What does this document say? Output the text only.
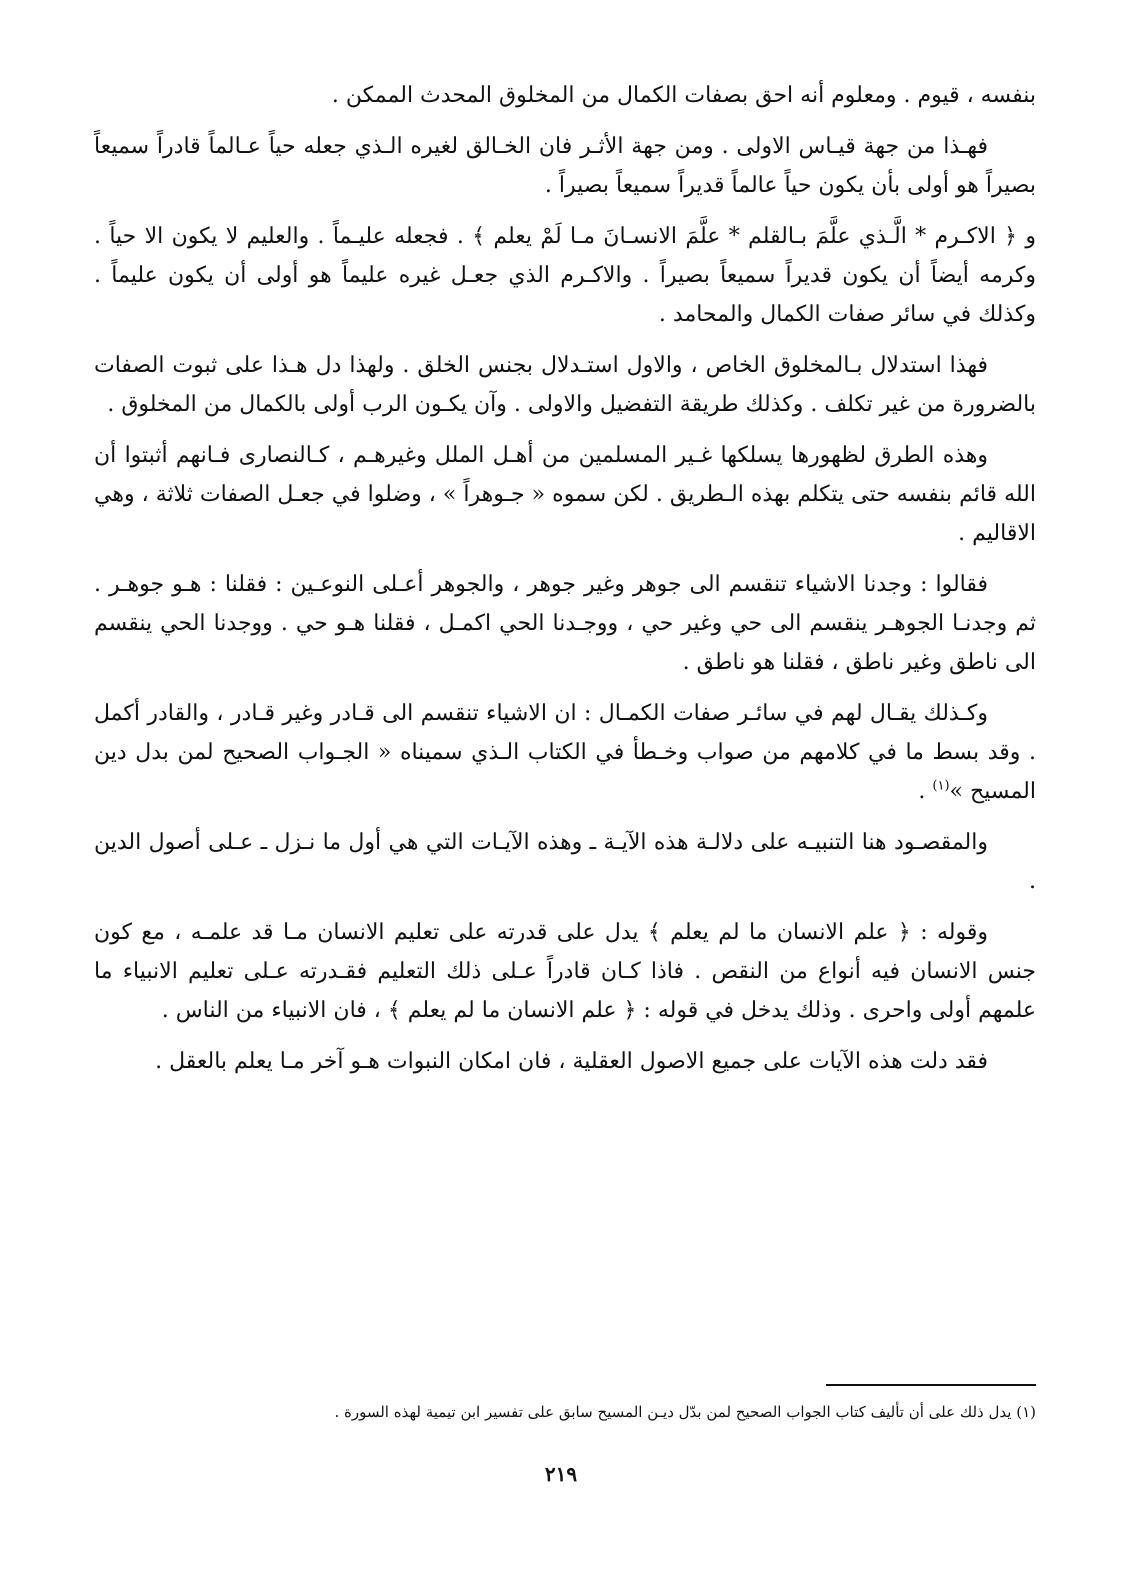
بنفسه ، قيوم . ومعلوم أنه احق بصفات الكمال من المخلوق المحدث الممكن .

فهـذا من جهة قيـاس الاولى . ومن جهة الأثـر فان الخـالق لغيره الـذي جعله حياً عـالماً قادراً سميعاً بصيراً هو أولى بأن يكون حياً عالماً قديراً سميعاً بصيراً .

و ﴿ الاكـرم * الَّـذي علَّمَ بـالقلم * علَّمَ الانسـانَ مـا لَمْ يعلم ﴾ . فجعله عليـماً . والعليم لا يكون الا حياً . وكرمه أيضاً أن يكون قديراً سميعاً بصيراً . والاكـرم الذي جعـل غيره عليماً هو أولى أن يكون عليماً . وكذلك في سائر صفات الكمال والمحامد .

فهذا استدلال بـالمخلوق الخاص ، والاول استـدلال بجنس الخلق . ولهذا دل هـذا على ثبوت الصفات بالضرورة من غير تكلف . وكذلك طريقة التفضيل والاولى . وآن يكـون الرب أولى بالكمال من المخلوق .

وهذه الطرق لظهورها يسلكها غـير المسلمين من أهـل الملل وغيرهـم ، كـالنصارى فـانهم أثبتوا أن الله قائم بنفسه حتى يتكلم بهذه الـطريق . لكن سموه « جـوهراً » ، وضلوا في جعـل الصفات ثلاثة ، وهي الاقاليم .

فقالوا : وجدنا الاشياء تنقسم الى جوهر وغير جوهر ، والجوهر أعـلى النوعـين : فقلنا : هـو جوهـر . ثم وجدنـا الجوهـر ينقسم الى حي وغير حي ، ووجـدنا الحي اكمـل ، فقلنا هـو حي . ووجدنا الحي ينقسم الى ناطق وغير ناطق ، فقلنا هو ناطق .

وكـذلك يقـال لهم في سائـر صفات الكمـال : ان الاشياء تنقسم الى قـادر وغير قـادر ، والقادر أكمل . وقد بسط ما في كلامهم من صواب وخـطأ في الكتاب الـذي سميناه « الجـواب الصحيح لمن بدل دين المسيح »$^{(١)}$ .

والمقصـود هنا التنبيـه على دلالـة هذه الآيـة ـ وهذه الآيـات التي هي أول ما نـزل ـ عـلى أصول الدين .

وقوله : ﴿ علم الانسان ما لم يعلم ﴾ يدل على قدرته على تعليم الانسان مـا قد علمـه ، مع كون جنس الانسان فيه أنواع من النقص . فاذا كـان قادراً عـلى ذلك التعليم فقـدرته عـلى تعليم الانبياء ما علمهم أولى واحرى . وذلك يدخل في قوله : ﴿ علم الانسان ما لم يعلم ﴾ ، فان الانبياء من الناس .

فقد دلت هذه الآيات على جميع الاصول العقلية ، فان امكان النبوات هـو آخر مـا يعلم بالعقل .

(١) يدل ذلك على أن تأليف كتاب الجواب الصحيح لمن بدّل ديـن المسيح سابق على تفسير ابن تيمية لهذه السورة .
٢١٩
